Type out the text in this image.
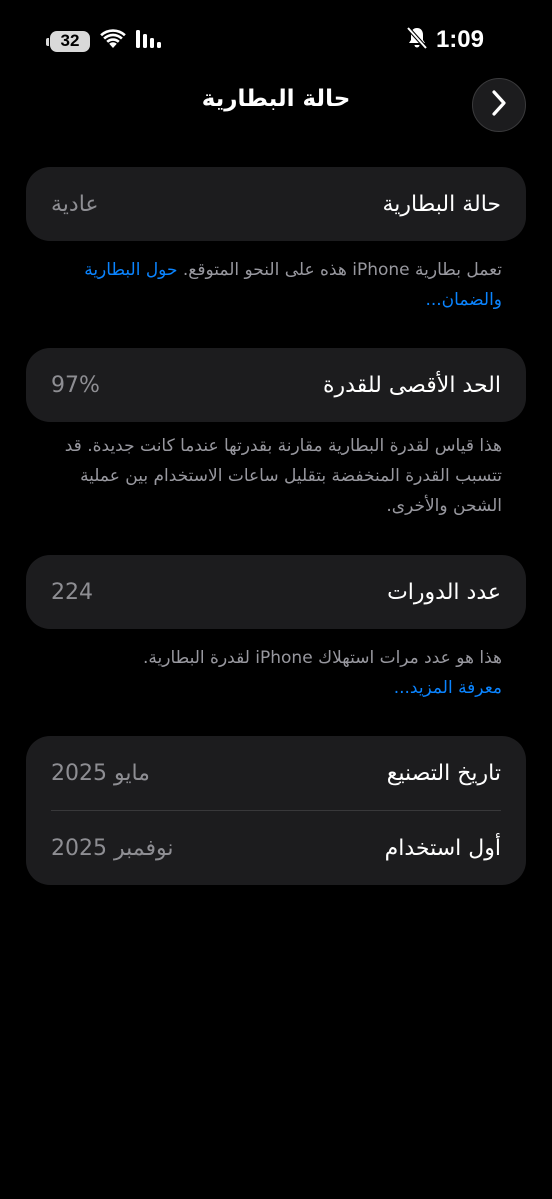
32	1:09
حالة البطارية
حالة البطارية
عادية
تعمل بطارية iPhone هذه على النحو المتوقع. حول البطارية والضمان...
الحد الأقصى للقدرة
97%
هذا قياس لقدرة البطارية مقارنة بقدرتها عندما كانت جديدة. قد تتسبب القدرة المنخفضة بتقليل ساعات الاستخدام بين عملية الشحن والأخرى.
عدد الدورات
224
هذا هو عدد مرات استهلاك iPhone لقدرة البطارية.
معرفة المزيد...
تاريخ التصنيع
مايو 2025
أول استخدام
نوفمبر 2025
